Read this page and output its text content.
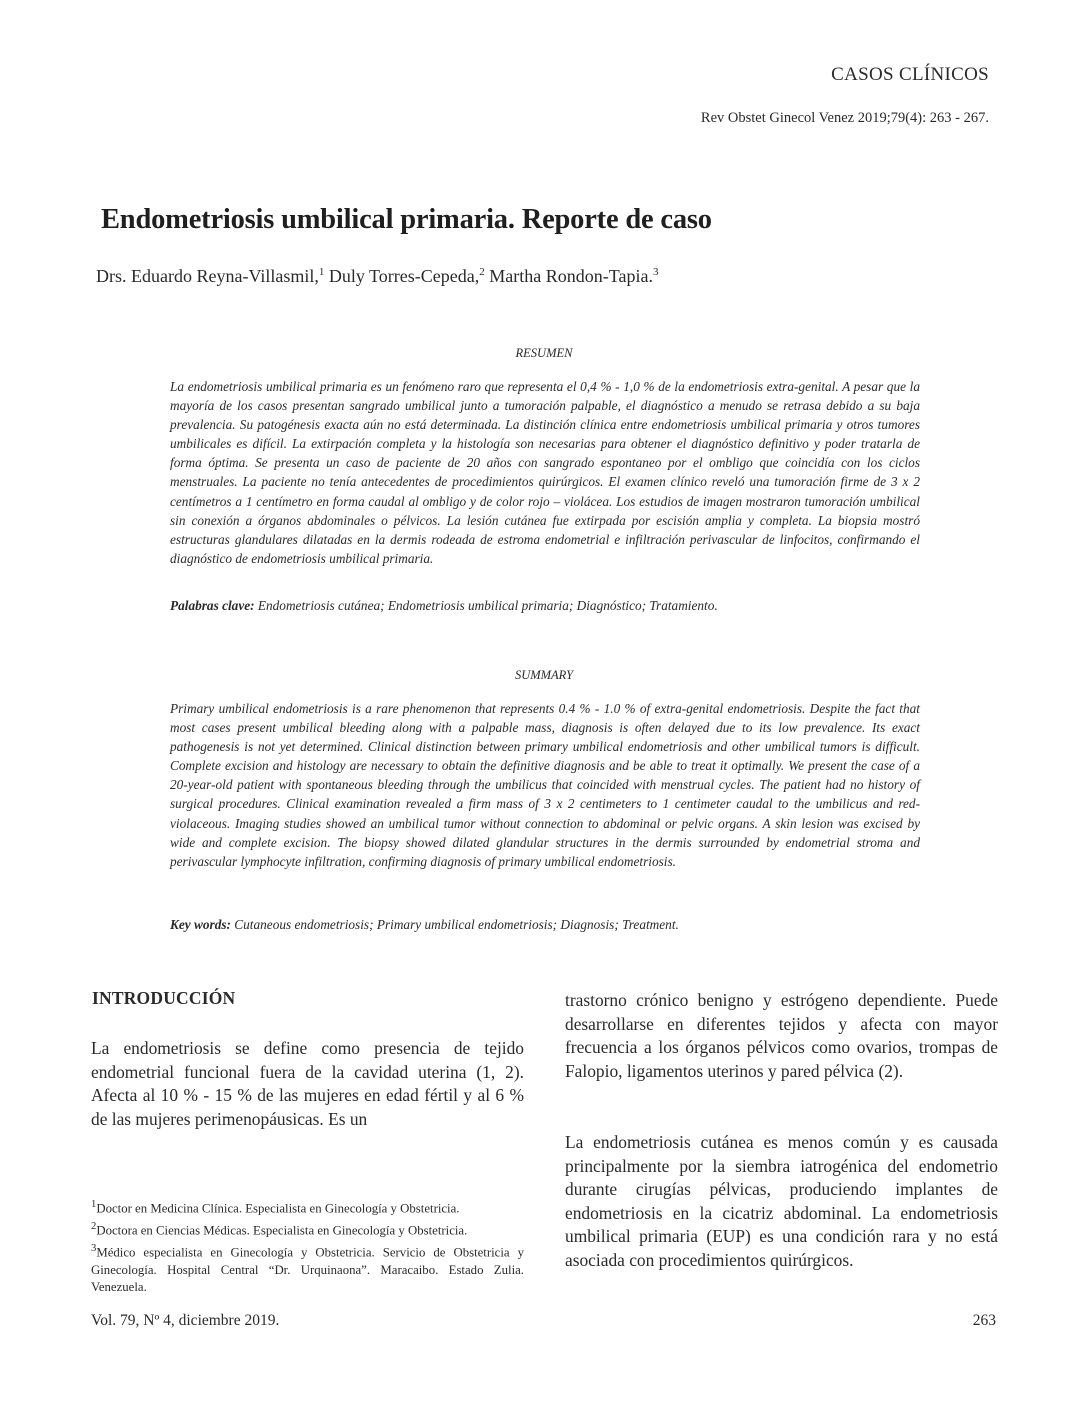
CASOS CLÍNICOS
Rev Obstet Ginecol Venez 2019;79(4): 263 - 267.
Endometriosis umbilical primaria. Reporte de caso
Drs. Eduardo Reyna-Villasmil,$^1$ Duly Torres-Cepeda,$^2$ Martha Rondon-Tapia.$^3$
RESUMEN

La endometriosis umbilical primaria es un fenómeno raro que representa el 0,4 % - 1,0 % de la endometriosis extra-genital. A pesar que la mayoría de los casos presentan sangrado umbilical junto a tumoración palpable, el diagnóstico a menudo se retrasa debido a su baja prevalencia. Su patogénesis exacta aún no está determinada. La distinción clínica entre endometriosis umbilical primaria y otros tumores umbilicales es difícil. La extirpación completa y la histología son necesarias para obtener el diagnóstico definitivo y poder tratarla de forma óptima. Se presenta un caso de paciente de 20 años con sangrado espontaneo por el ombligo que coincidía con los ciclos menstruales. La paciente no tenía antecedentes de procedimientos quirúrgicos. El examen clínico reveló una tumoración firme de 3 x 2 centímetros a 1 centímetro en forma caudal al ombligo y de color rojo – violácea. Los estudios de imagen mostraron tumoración umbilical sin conexión a órganos abdominales o pélvicos. La lesión cutánea fue extirpada por escisión amplia y completa. La biopsia mostró estructuras glandulares dilatadas en la dermis rodeada de estroma endometrial e infiltración perivascular de linfocitos, confirmando el diagnóstico de endometriosis umbilical primaria.

Palabras clave: Endometriosis cutánea; Endometriosis umbilical primaria; Diagnóstico; Tratamiento.
SUMMARY

Primary umbilical endometriosis is a rare phenomenon that represents 0.4 % - 1.0 % of extra-genital endometriosis. Despite the fact that most cases present umbilical bleeding along with a palpable mass, diagnosis is often delayed due to its low prevalence. Its exact pathogenesis is not yet determined. Clinical distinction between primary umbilical endometriosis and other umbilical tumors is difficult. Complete excision and histology are necessary to obtain the definitive diagnosis and be able to treat it optimally. We present the case of a 20-year-old patient with spontaneous bleeding through the umbilicus that coincided with menstrual cycles. The patient had no history of surgical procedures. Clinical examination revealed a firm mass of 3 x 2 centimeters to 1 centimeter caudal to the umbilicus and red-violaceous. Imaging studies showed an umbilical tumor without connection to abdominal or pelvic organs. A skin lesion was excised by wide and complete excision. The biopsy showed dilated glandular structures in the dermis surrounded by endometrial stroma and perivascular lymphocyte infiltration, confirming diagnosis of primary umbilical endometriosis.

Key words: Cutaneous endometriosis; Primary umbilical endometriosis; Diagnosis; Treatment.
INTRODUCCIÓN

La endometriosis se define como presencia de tejido endometrial funcional fuera de la cavidad uterina (1, 2). Afecta al 10 % - 15 % de las mujeres en edad fértil y al 6 % de las mujeres perimenopáusicas. Es un

trastorno crónico benigno y estrógeno dependiente. Puede desarrollarse en diferentes tejidos y afecta con mayor frecuencia a los órganos pélvicos como ovarios, trompas de Falopio, ligamentos uterinos y pared pélvica (2).

La endometriosis cutánea es menos común y es causada principalmente por la siembra iatrogénica del endometrio durante cirugías pélvicas, produciendo implantes de endometriosis en la cicatriz abdominal. La endometriosis umbilical primaria (EUP) es una condición rara y no está asociada con procedimientos quirúrgicos.

$^1$Doctor en Medicina Clínica. Especialista en Ginecología y Obstetricia.
$^2$Doctora en Ciencias Médicas. Especialista en Ginecología y Obstetricia.
$^3$Médico especialista en Ginecología y Obstetricia. Servicio de Obstetricia y Ginecología. Hospital Central “Dr. Urquinaona”. Maracaibo. Estado Zulia. Venezuela.
Vol. 79, Nº 4, diciembre 2019.	263
